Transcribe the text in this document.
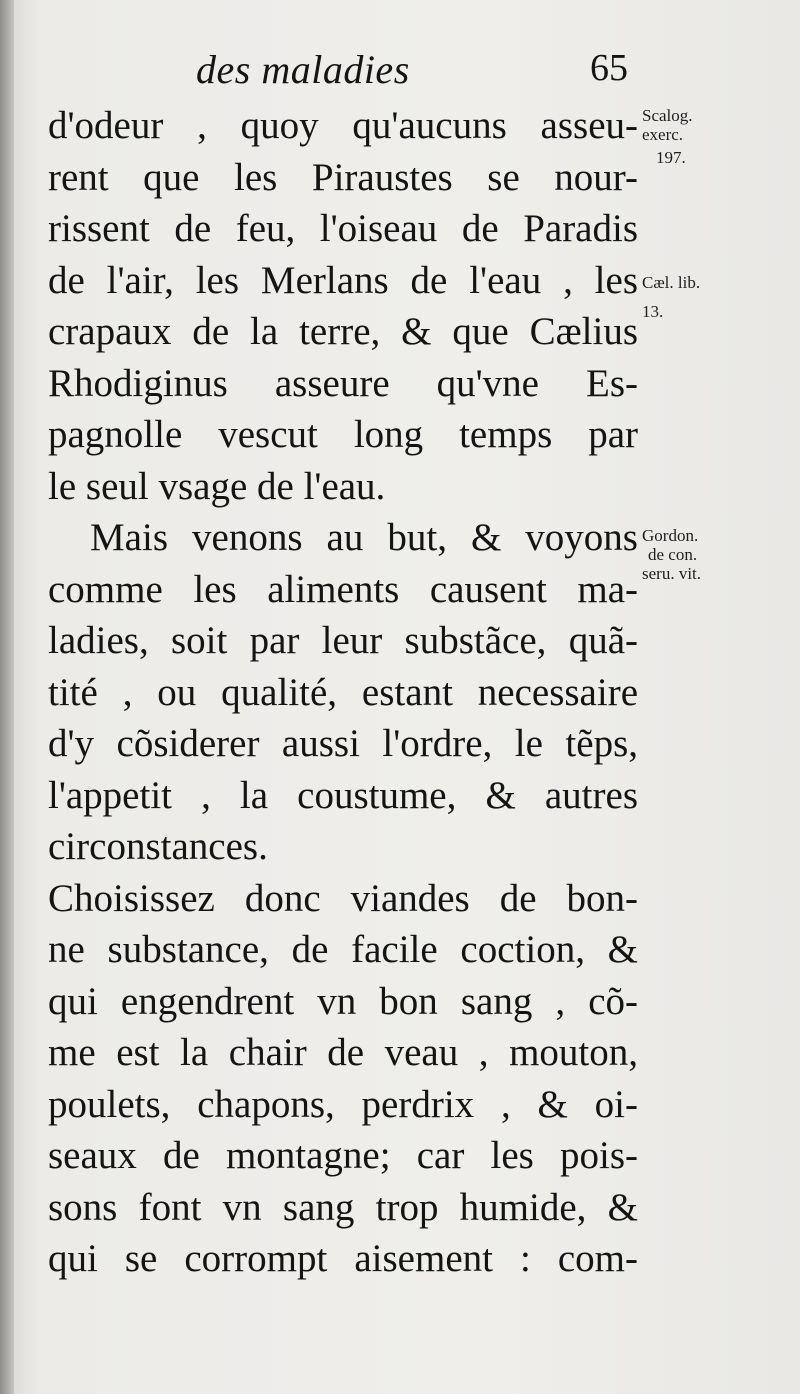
des maladies	65
d'odeur , quoy qu'aucuns asseu-
rent que les Piraustes se nour-
rissent de feu, l'oiseau de Paradis
de l'air, les Merlans de l'eau , les
crapaux de la terre, & que Cælius
Rhodiginus asseure qu'vne Es-
pagnolle vescut long temps par
le seul vsage de l'eau.
Mais venons au but, & voyons
comme les aliments causent ma-
ladies, soit par leur substãce, quã-
tité , ou qualité, estant necessaire
d'y cõsiderer aussi l'ordre, le tẽps,
l'appetit , la coustume, & autres
circonstances.
Choisissez donc viandes de bon-
ne substance, de facile coction, &
qui engendrent vn bon sang , cõ-
me est la chair de veau , mouton,
poulets, chapons, perdrix , & oi-
seaux de montagne; car les pois-
sons font vn sang trop humide, &
qui se corrompt aisement : com-
Scalog.
exerc.
197.
Cæl. lib.
13.
Gordon.
de con.
seru. vit.
